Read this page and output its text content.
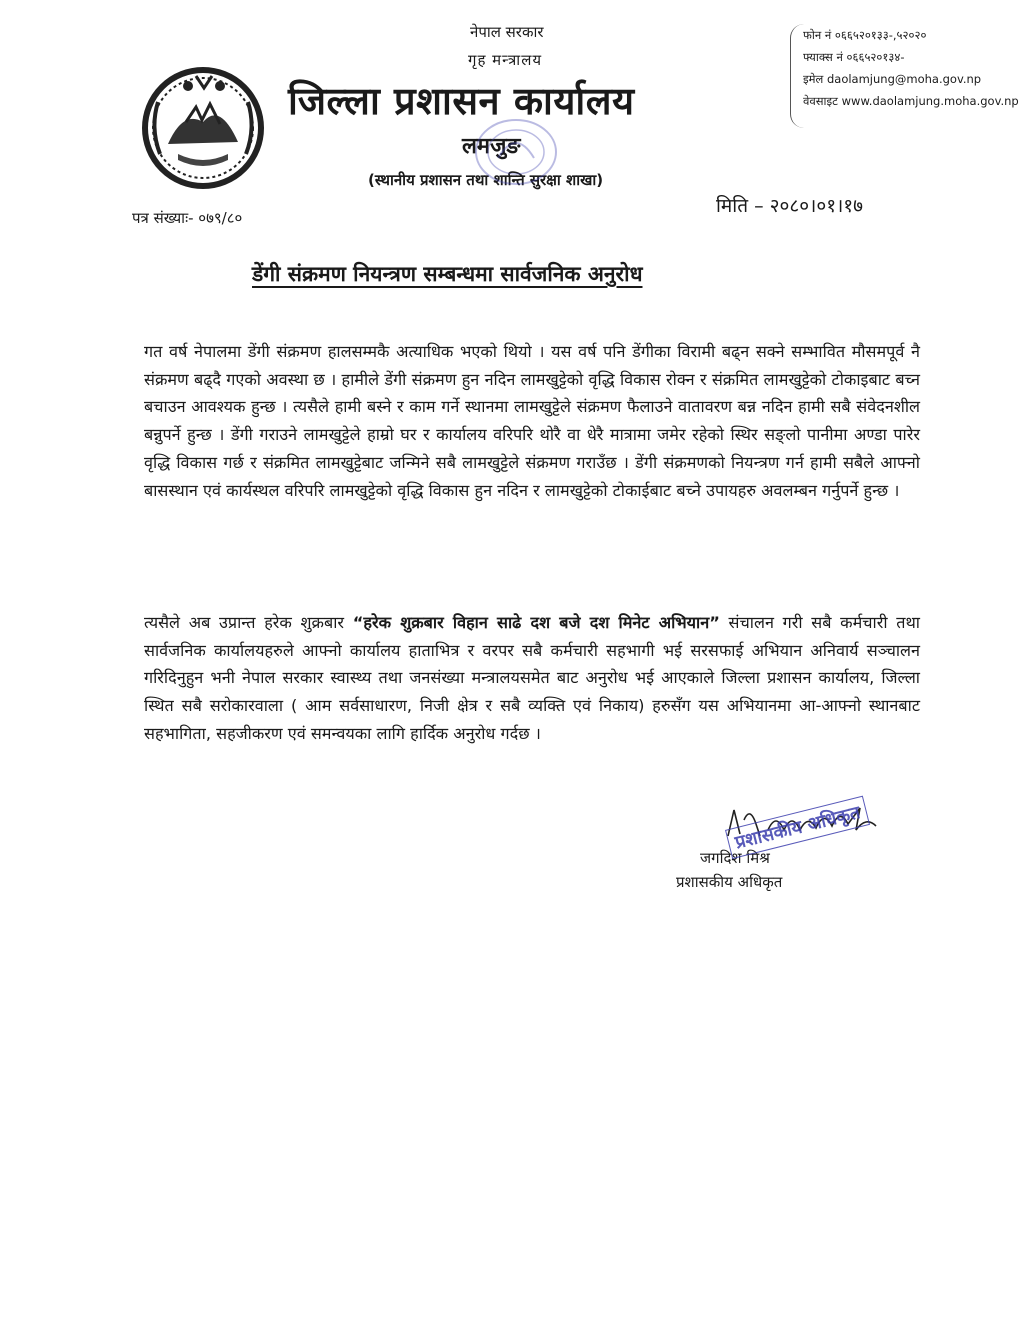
नेपाल सरकार
गृह मन्त्रालय
जिल्ला प्रशासन कार्यालय
लमजुङ
(स्थानीय प्रशासन तथा शान्ति सुरक्षा शाखा)
फोन नं ०६६५२०१३३-,५२०२०
फ्याक्स नं ०६६५२०१३४-
इमेल daolamjung@moha.gov.np
वेवसाइट www.daolamjung.moha.gov.np
पत्र संख्याः- ०७९/८०
मिति – २०८०।०१।१७
डेंगी संक्रमण नियन्त्रण सम्बन्धमा सार्वजनिक अनुरोध

गत वर्ष नेपालमा डेंगी संक्रमण हालसम्मकै अत्याधिक भएको थियो । यस वर्ष पनि डेंगीका विरामी बढ्न सक्ने सम्भावित मौसमपूर्व नै संक्रमण बढ्दै गएको अवस्था छ । हामीले डेंगी संक्रमण हुन नदिन लामखुट्टेको वृद्धि विकास रोक्न र संक्रमित लामखुट्टेको टोकाइबाट बच्न बचाउन आवश्यक हुन्छ । त्यसैले हामी बस्ने र काम गर्ने स्थानमा लामखुट्टेले संक्रमण फैलाउने वातावरण बन्न नदिन हामी सबै संवेदनशील बन्नुपर्ने हुन्छ । डेंगी गराउने लामखुट्टेले हाम्रो घर र कार्यालय वरिपरि थोरै वा धेरै मात्रामा जमेर रहेको स्थिर सङ्लो पानीमा अण्डा पारेर वृद्धि विकास गर्छ र संक्रमित लामखुट्टेबाट जन्मिने सबै लामखुट्टेले संक्रमण गराउँछ । डेंगी संक्रमणको नियन्त्रण गर्न हामी सबैले आफ्नो बासस्थान एवं कार्यस्थल वरिपरि लामखुट्टेको वृद्धि विकास हुन नदिन र लामखुट्टेको टोकाईबाट बच्ने उपायहरु अवलम्बन गर्नुपर्ने हुन्छ ।

त्यसैले अब उप्रान्त हरेक शुक्रबार “हरेक शुक्रबार विहान साढे दश बजे दश मिनेट अभियान” संचालन गरी सबै कर्मचारी तथा सार्वजनिक कार्यालयहरुले आफ्नो कार्यालय हाताभित्र र वरपर सबै कर्मचारी सहभागी भई सरसफाई अभियान अनिवार्य सञ्चालन गरिदिनुहुन भनी नेपाल सरकार स्वास्थ्य तथा जनसंख्या मन्त्रालयसमेत बाट अनुरोध भई आएकाले जिल्ला प्रशासन कार्यालय, जिल्ला स्थित सबै सरोकारवाला ( आम सर्वसाधारण, निजी क्षेत्र र सबै व्यक्ति एवं निकाय) हरुसँग यस अभियानमा आ-आफ्नो स्थानबाट सहभागिता, सहजीकरण एवं समन्वयका लागि हार्दिक अनुरोध गर्दछ ।

जगदिश मिश्र
प्रशासकीय अधिकृत
प्रशासकीय अधिकृत
